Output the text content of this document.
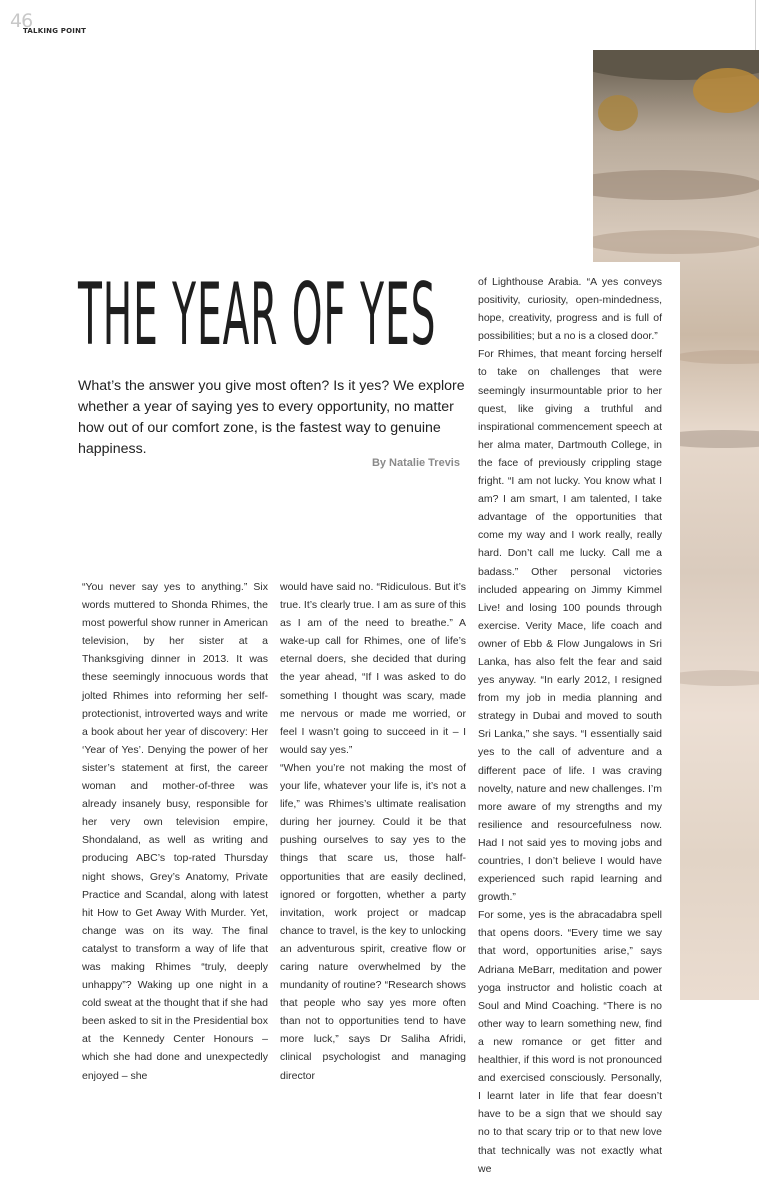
46
TALKING POINT
THE YEAR OF YES

What’s the answer you give most often? Is it yes? We explore whether a year of saying yes to every opportunity, no matter how out of our comfort zone, is the fastest way to genuine happiness.

By Natalie Trevis

“You never say yes to anything.” Six words muttered to Shonda Rhimes, the most powerful show runner in American television, by her sister at a Thanksgiving dinner in 2013. It was these seemingly innocuous words that jolted Rhimes into reforming her self-protectionist, introverted ways and write a book about her year of discovery: Her ‘Year of Yes’. Denying the power of her sister’s statement at first, the career woman and mother-of-three was already insanely busy, responsible for her very own television empire, Shondaland, as well as writing and producing ABC’s top-rated Thursday night shows, Grey’s Anatomy, Private Practice and Scandal, along with latest hit How to Get Away With Murder. Yet, change was on its way. The final catalyst to transform a way of life that was making Rhimes “truly, deeply unhappy”? Waking up one night in a cold sweat at the thought that if she had been asked to sit in the Presidential box at the Kennedy Center Honours – which she had done and unexpectedly enjoyed – she

would have said no. “Ridiculous. But it’s true. It’s clearly true. I am as sure of this as I am of the need to breathe.” A wake-up call for Rhimes, one of life’s eternal doers, she decided that during the year ahead, “If I was asked to do something I thought was scary, made me nervous or made me worried, or feel I wasn’t going to succeed in it – I would say yes.”

“When you’re not making the most of your life, whatever your life is, it’s not a life,” was Rhimes’s ultimate realisation during her journey. Could it be that pushing ourselves to say yes to the things that scare us, those half-opportunities that are easily declined, ignored or forgotten, whether a party invitation, work project or madcap chance to travel, is the key to unlocking an adventurous spirit, creative flow or caring nature overwhelmed by the mundanity of routine? “Research shows that people who say yes more often than not to opportunities tend to have more luck,” says Dr Saliha Afridi, clinical psychologist and managing director

of Lighthouse Arabia. “A yes conveys positivity, curiosity, open-mindedness, hope, creativity, progress and is full of possibilities; but a no is a closed door.”

For Rhimes, that meant forcing herself to take on challenges that were seemingly insurmountable prior to her quest, like giving a truthful and inspirational commencement speech at her alma mater, Dartmouth College, in the face of previously crippling stage fright. “I am not lucky. You know what I am? I am smart, I am talented, I take advantage of the opportunities that come my way and I work really, really hard. Don’t call me lucky. Call me a badass.” Other personal victories included appearing on Jimmy Kimmel Live! and losing 100 pounds through exercise. Verity Mace, life coach and owner of Ebb & Flow Jungalows in Sri Lanka, has also felt the fear and said yes anyway. “In early 2012, I resigned from my job in media planning and strategy in Dubai and moved to south Sri Lanka,” she says. “I essentially said yes to the call of adventure and a different pace of life. I was craving novelty, nature and new challenges. I’m more aware of my strengths and my resilience and resourcefulness now. Had I not said yes to moving jobs and countries, I don’t believe I would have experienced such rapid learning and growth.”

For some, yes is the abracadabra spell that opens doors. “Every time we say that word, opportunities arise,” says Adriana MeBarr, meditation and power yoga instructor and holistic coach at Soul and Mind Coaching. “There is no other way to learn something new, find a new romance or get fitter and healthier, if this word is not pronounced and exercised consciously. Personally, I learnt later in life that fear doesn’t have to be a sign that we should say no to that scary trip or to that new love that technically was not exactly what we
